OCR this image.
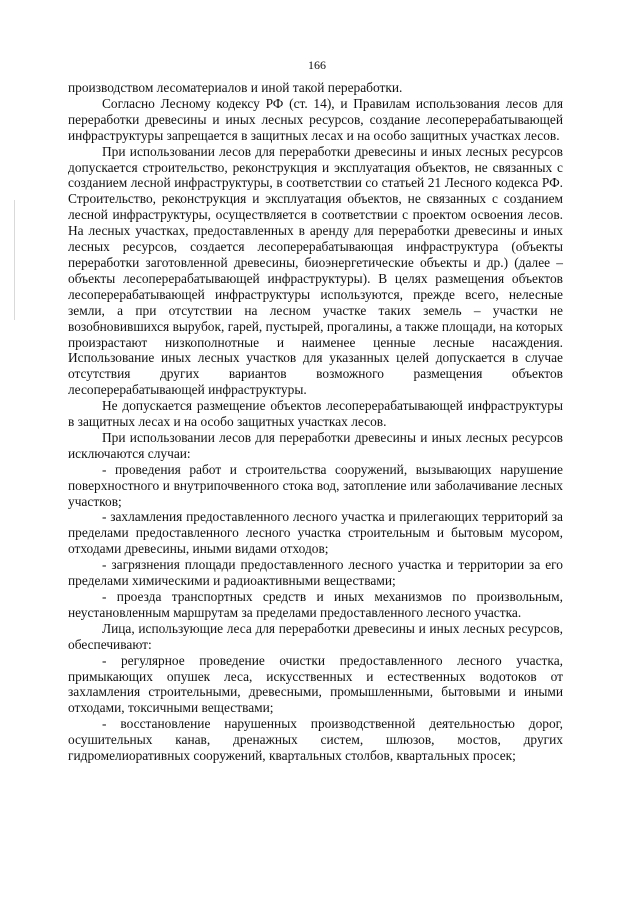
166

производством лесоматериалов и иной такой переработки.

Согласно Лесному кодексу РФ (ст. 14), и Правилам использования лесов для переработки древесины и иных лесных ресурсов, создание лесоперерабатывающей инфраструктуры запрещается в защитных лесах и на особо защитных участках лесов.

При использовании лесов для переработки древесины и иных лесных ресурсов допускается строительство, реконструкция и эксплуатация объектов, не связанных с созданием лесной инфраструктуры, в соответствии со статьей 21 Лесного кодекса РФ. Строительство, реконструкция и эксплуатация объектов, не связанных с созданием лесной инфраструктуры, осуществляется в соответствии с проектом освоения лесов. На лесных участках, предоставленных в аренду для переработки древесины и иных лесных ресурсов, создается лесоперерабатывающая инфраструктура (объекты переработки заготовленной древесины, биоэнергетические объекты и др.) (далее – объекты лесоперерабатывающей инфраструктуры). В целях размещения объектов лесоперерабатывающей инфраструктуры используются, прежде всего, нелесные земли, а при отсутствии на лесном участке таких земель – участки не возобновившихся вырубок, гарей, пустырей, прогалины, а также площади, на которых произрастают низкополнотные и наименее ценные лесные насаждения. Использование иных лесных участков для указанных целей допускается в случае отсутствия других вариантов возможного размещения объектов лесоперерабатывающей инфраструктуры.

Не допускается размещение объектов лесоперерабатывающей инфраструктуры в защитных лесах и на особо защитных участках лесов.

При использовании лесов для переработки древесины и иных лесных ресурсов исключаются случаи:

- проведения работ и строительства сооружений, вызывающих нарушение поверхностного и внутрипочвенного стока вод, затопление или заболачивание лесных участков;

- захламления предоставленного лесного участка и прилегающих территорий за пределами предоставленного лесного участка строительным и бытовым мусором, отходами древесины, иными видами отходов;

- загрязнения площади предоставленного лесного участка и территории за его пределами химическими и радиоактивными веществами;

- проезда транспортных средств и иных механизмов по произвольным, неустановленным маршрутам за пределами предоставленного лесного участка.

Лица, использующие леса для переработки древесины и иных лесных ресурсов, обеспечивают:

- регулярное проведение очистки предоставленного лесного участка, примыкающих опушек леса, искусственных и естественных водотоков от захламления строительными, древесными, промышленными, бытовыми и иными отходами, токсичными веществами;

- восстановление нарушенных производственной деятельностью дорог, осушительных канав, дренажных систем, шлюзов, мостов, других гидромелиоративных сооружений, квартальных столбов, квартальных просек;
